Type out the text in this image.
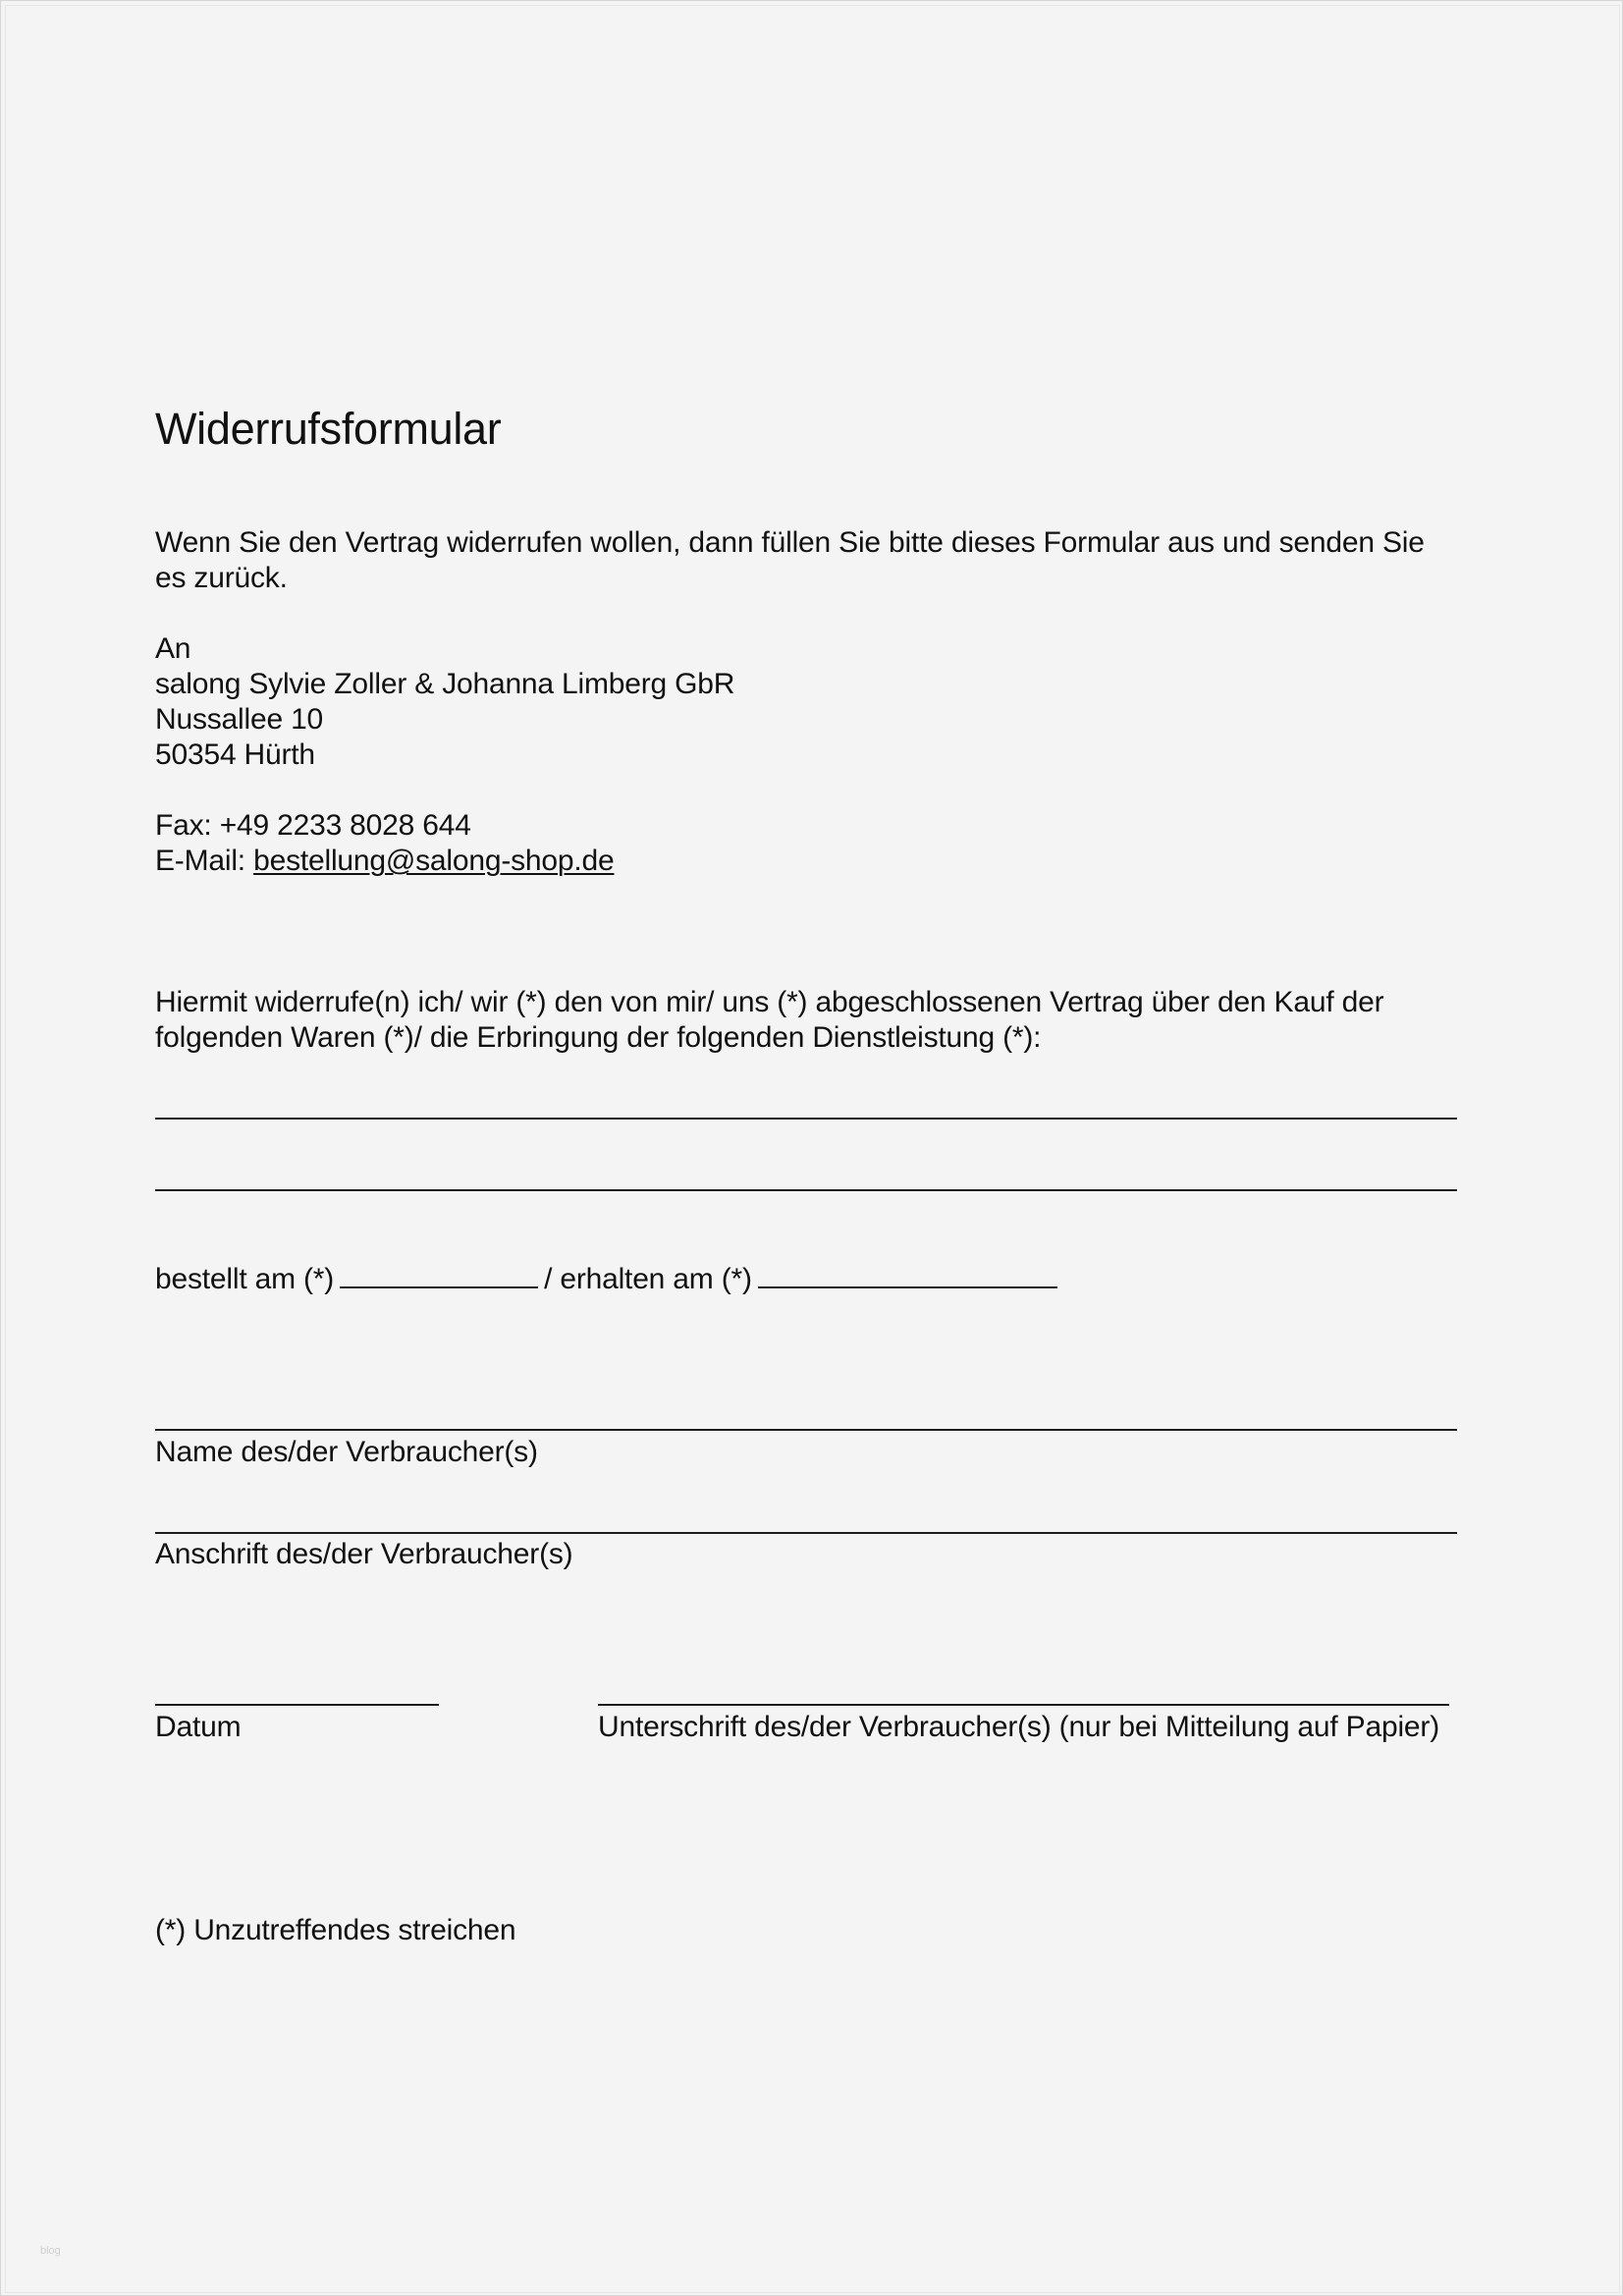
Widerrufsformular
Wenn Sie den Vertrag widerrufen wollen, dann füllen Sie bitte dieses Formular aus und senden Sie
es zurück.
An
salong Sylvie Zoller & Johanna Limberg GbR
Nussallee 10
50354 Hürth
Fax: +49 2233 8028 644
E-Mail: bestellung@salong-shop.de
Hiermit widerrufe(n) ich/ wir (*) den von mir/ uns (*) abgeschlossenen Vertrag über den Kauf der
folgenden Waren (*)/ die Erbringung der folgenden Dienstleistung (*):
bestellt am (*)	/ erhalten am (*)
Name des/der Verbraucher(s)
Anschrift des/der Verbraucher(s)
Datum	Unterschrift des/der Verbraucher(s) (nur bei Mitteilung auf Papier)
(*) Unzutreffendes streichen
blog
